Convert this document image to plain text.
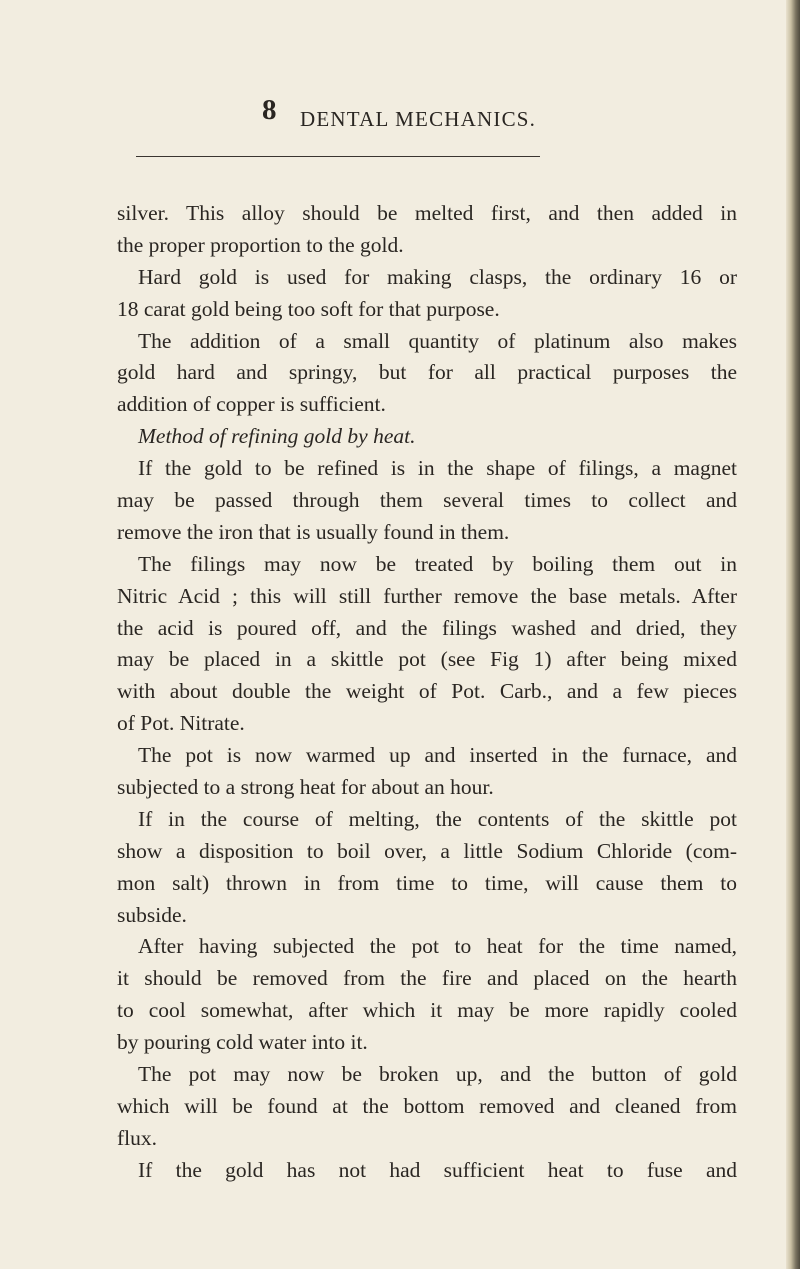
8 DENTAL MECHANICS.
silver. This alloy should be melted first, and then added in
the proper proportion to the gold.
Hard gold is used for making clasps, the ordinary 16 or
18 carat gold being too soft for that purpose.
The addition of a small quantity of platinum also makes
gold hard and springy, but for all practical purposes the
addition of copper is sufficient.
Method of refining gold by heat.
If the gold to be refined is in the shape of filings, a magnet
may be passed through them several times to collect and
remove the iron that is usually found in them.
The filings may now be treated by boiling them out in
Nitric Acid ; this will still further remove the base metals. After
the acid is poured off, and the filings washed and dried, they
may be placed in a skittle pot (see Fig 1) after being mixed
with about double the weight of Pot. Carb., and a few pieces
of Pot. Nitrate.
The pot is now warmed up and inserted in the furnace, and
subjected to a strong heat for about an hour.
If in the course of melting, the contents of the skittle pot
show a disposition to boil over, a little Sodium Chloride (com-
mon salt) thrown in from time to time, will cause them to
subside.
After having subjected the pot to heat for the time named,
it should be removed from the fire and placed on the hearth
to cool somewhat, after which it may be more rapidly cooled
by pouring cold water into it.
The pot may now be broken up, and the button of gold
which will be found at the bottom removed and cleaned from
flux.
If the gold has not had sufficient heat to fuse and
